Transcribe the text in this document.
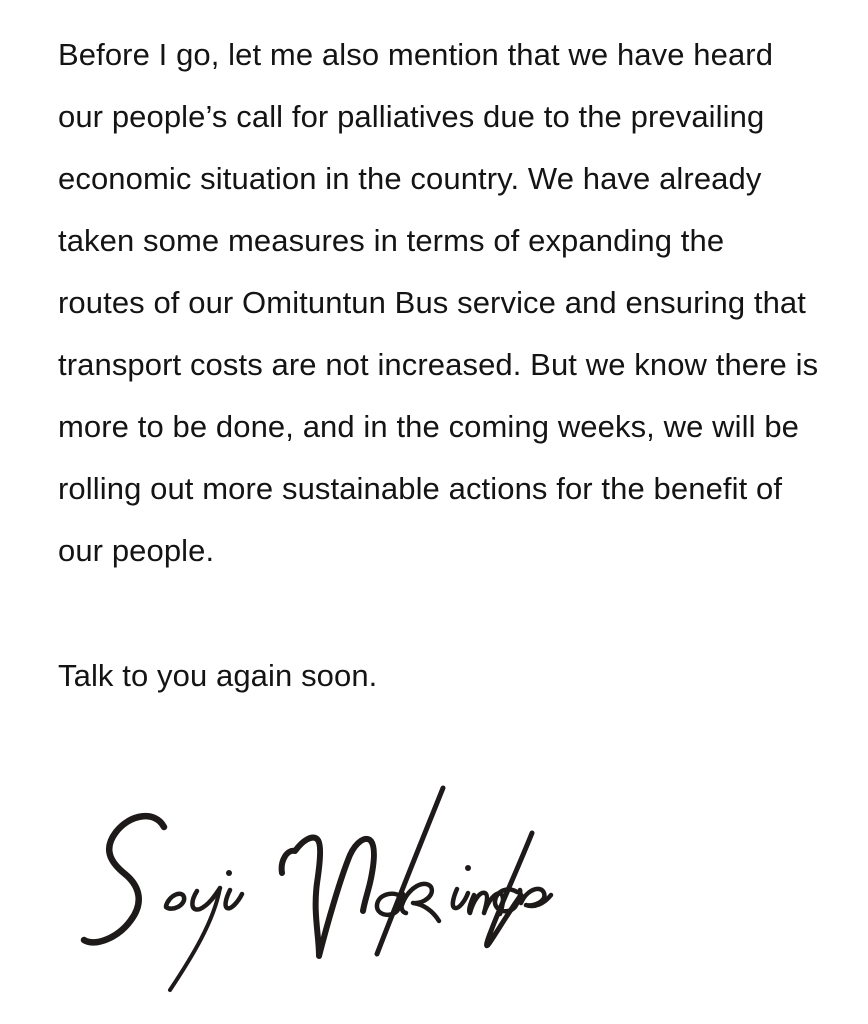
Before I go, let me also mention that we have heard

our people’s call for palliatives due to the prevailing

economic situation in the country. We have already

taken some measures in terms of expanding the

routes of our Omituntun Bus service and ensuring that

transport costs are not increased. But we know there is

more to be done, and in the coming weeks, we will be

rolling out more sustainable actions for the benefit of

our people.

Talk to you again soon.
